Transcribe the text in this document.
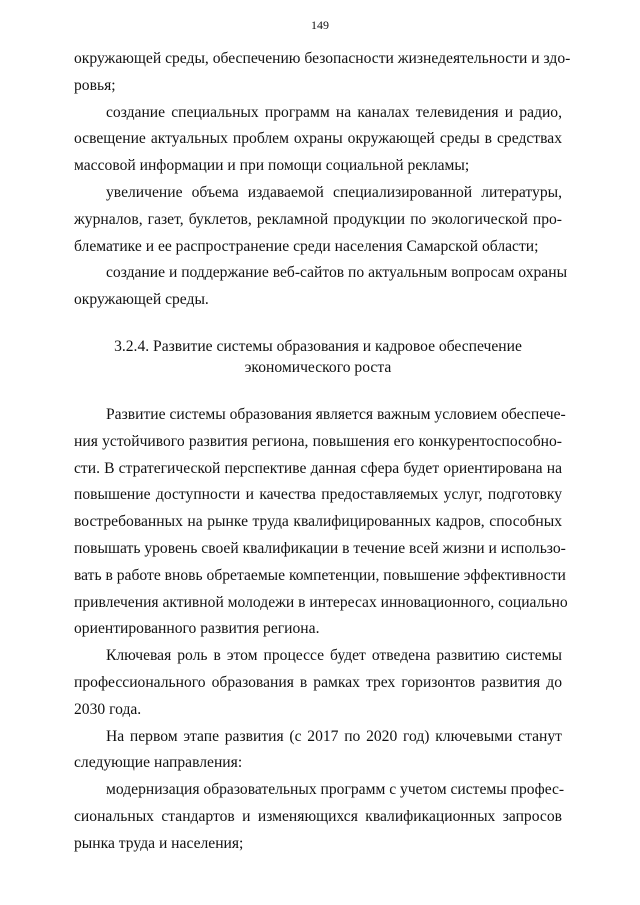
149
окружающей среды, обеспечению безопасности жизнедеятельности и здо-
ровья;
создание специальных программ на каналах телевидения и радио,
освещение актуальных проблем охраны окружающей среды в средствах
массовой информации и при помощи социальной рекламы;
увеличение объема издаваемой специализированной литературы,
журналов, газет, буклетов, рекламной продукции по экологической про-
блематике и ее распространение среди населения Самарской области;
создание и поддержание веб-сайтов по актуальным вопросам охраны
окружающей среды.
3.2.4. Развитие системы образования и кадровое обеспечение
экономического роста
Развитие системы образования является важным условием обеспече-
ния устойчивого развития региона, повышения его конкурентоспособно-
сти. В стратегической перспективе данная сфера будет ориентирована на
повышение доступности и качества предоставляемых услуг, подготовку
востребованных на рынке труда квалифицированных кадров, способных
повышать уровень своей квалификации в течение всей жизни и использо-
вать в работе вновь обретаемые компетенции, повышение эффективности
привлечения активной молодежи в интересах инновационного, социально
ориентированного развития региона.
Ключевая роль в этом процессе будет отведена развитию системы
профессионального образования в рамках трех горизонтов развития до
2030 года.
На первом этапе развития (с 2017 по 2020 год) ключевыми станут
следующие направления:
модернизация образовательных программ с учетом системы профес-
сиональных стандартов и изменяющихся квалификационных запросов
рынка труда и населения;
